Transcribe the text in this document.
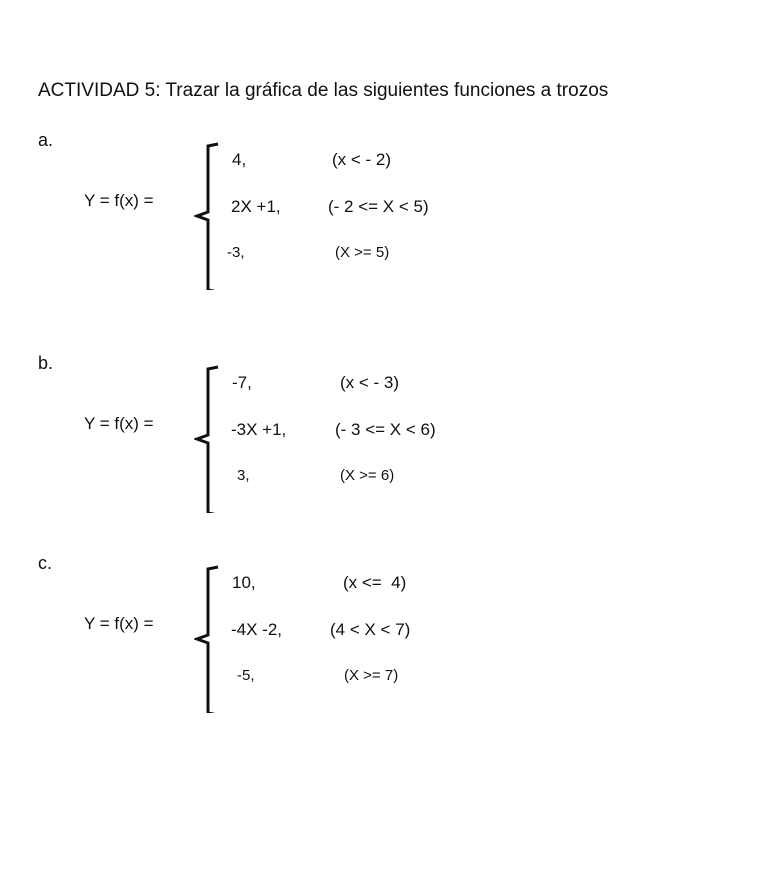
ACTIVIDAD 5: Trazar la gráfica de las siguientes funciones a trozos
a.
Y = f(x) =
4,	(x < - 2)
2X +1,	(- 2 <= X < 5)
-3,	(X >= 5)
b.
Y = f(x) =
-7,	(x < - 3)
-3X +1,	(- 3 <= X < 6)
3,	(X >= 6)
c.
Y = f(x) =
10,	(x <=  4)
-4X -2,	(4 < X < 7)
-5,	(X >= 7)
